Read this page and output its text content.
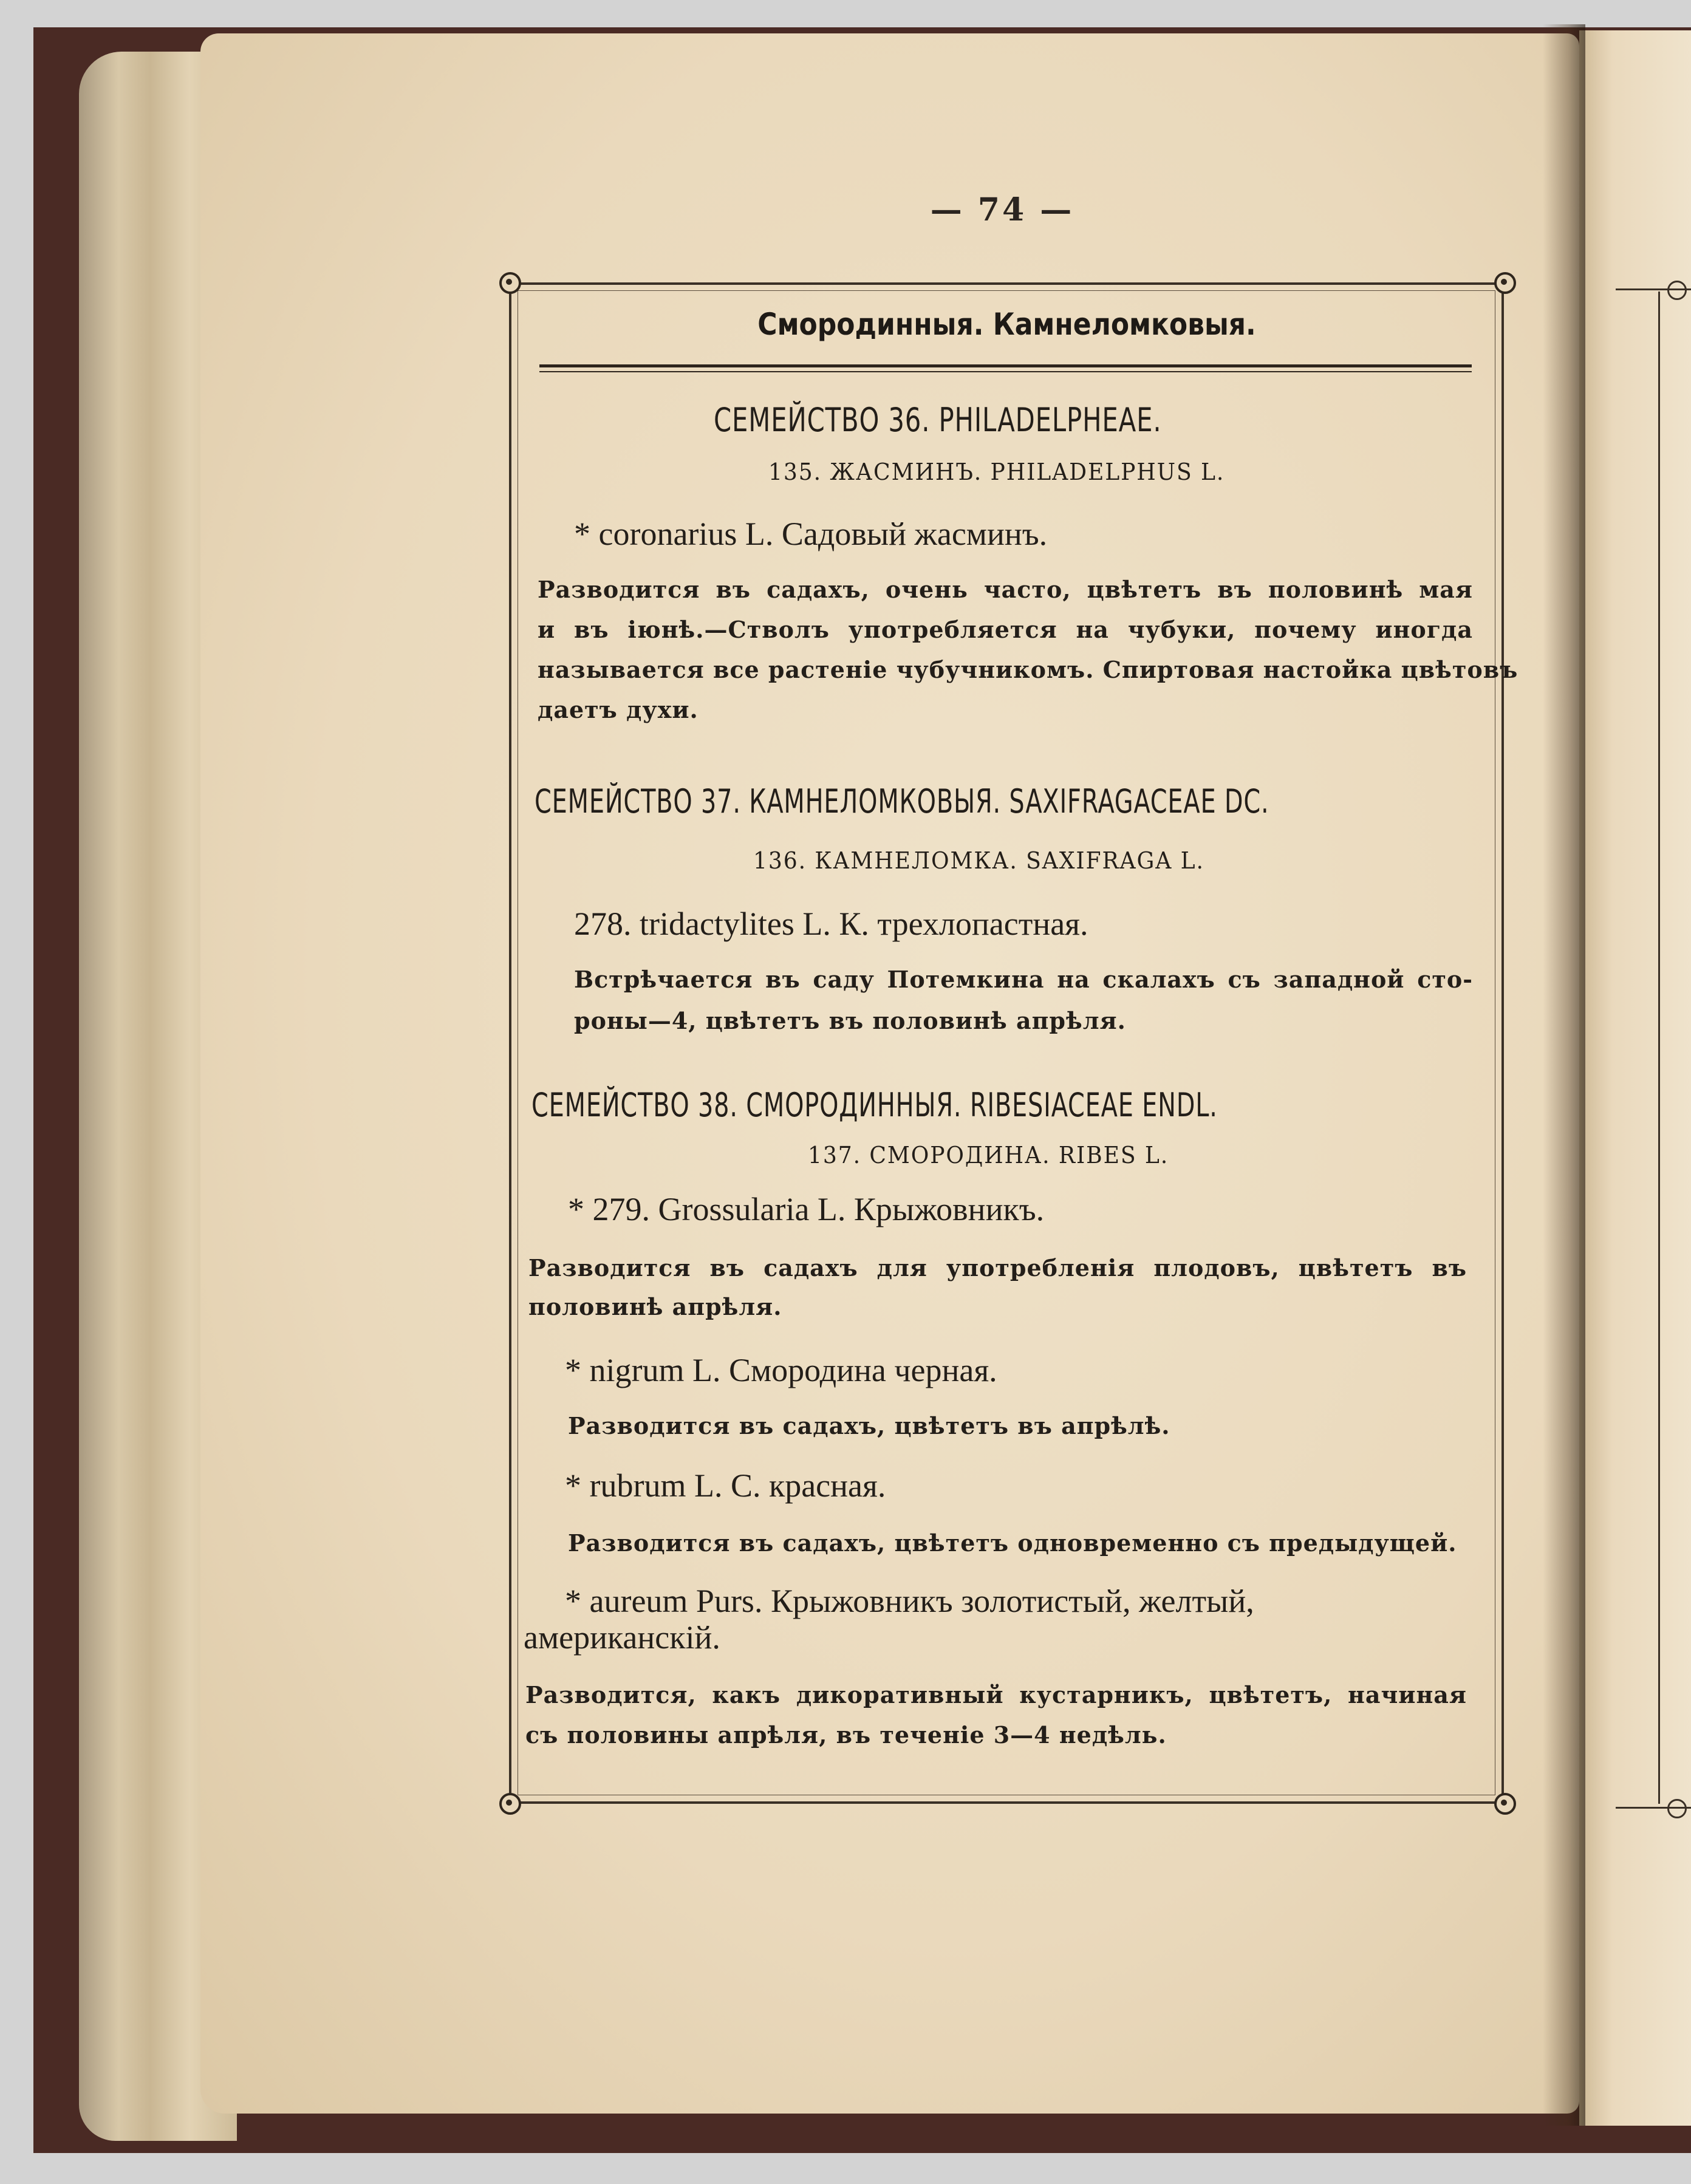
— 74 —
Смородинныя. Камнеломковыя.
СЕМЕЙСТВО 36. PHILADELPHEAE.
135. ЖАСМИНЪ. PHILADELPHUS L.
* coronarius L. Садовый жасминъ.
Разводится въ садахъ, очень часто, цвѣтетъ въ половинѣ мая
и въ іюнѣ.—Стволъ употребляется на чубуки, почему иногда
называется все растеніе чубучникомъ. Спиртовая настойка цвѣтовъ
даетъ духи.
СЕМЕЙСТВО 37. КАМНЕЛОМКОВЫЯ. SAXIFRAGACEAE DC.
136. КАМНЕЛОМКА. SAXIFRAGA L.
278. tridactylites L. К. трехлопастная.
Встрѣчается въ саду Потемкина на скалахъ съ западной сто-
роны—4, цвѣтетъ въ половинѣ апрѣля.
СЕМЕЙСТВО 38. СМОРОДИННЫЯ. RIBESIACEAE ENDL.
137. СМОРОДИНА. RIBES L.
* 279. Grossularia L. Крыжовникъ.
Разводится въ садахъ для употребленія плодовъ, цвѣтетъ въ
половинѣ апрѣля.
* nigrum L. Смородина черная.
Разводится въ садахъ, цвѣтетъ въ апрѣлѣ.
* rubrum L. С. красная.
Разводится въ садахъ, цвѣтетъ одновременно съ предыдущей.
* aureum Purs. Крыжовникъ золотистый, желтый,
американскій.
Разводится, какъ дикоративный кустарникъ, цвѣтетъ, начиная
съ половины апрѣля, въ теченіе 3—4 недѣль.
